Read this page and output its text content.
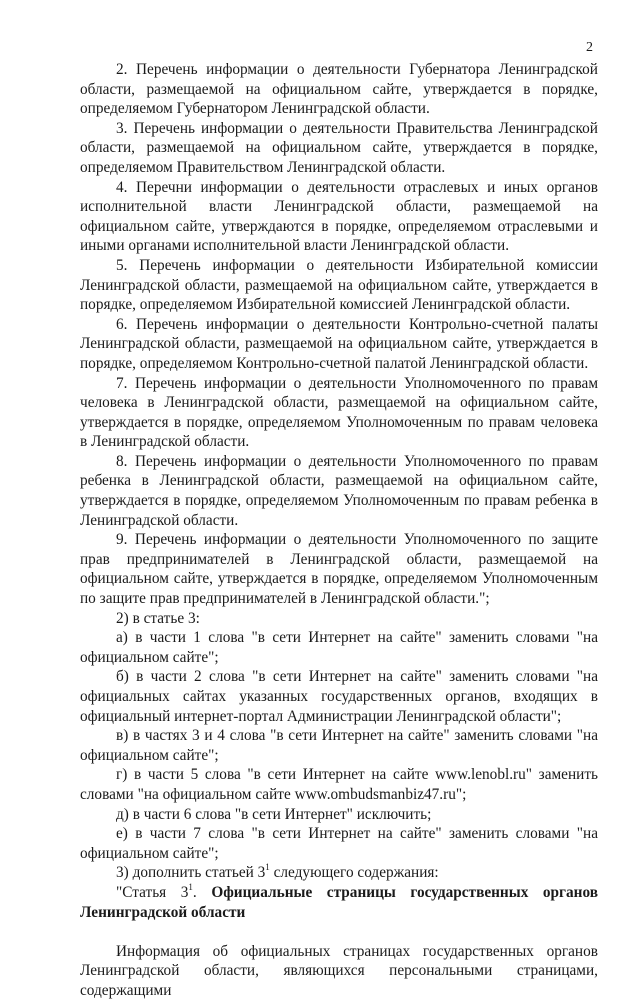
2

2. Перечень информации о деятельности Губернатора Ленинградской области, размещаемой на официальном сайте, утверждается в порядке, определяемом Губернатором Ленинградской области.

3. Перечень информации о деятельности Правительства Ленинградской области, размещаемой на официальном сайте, утверждается в порядке, определяемом Правительством Ленинградской области.

4. Перечни информации о деятельности отраслевых и иных органов исполнительной власти Ленинградской области, размещаемой на официальном сайте, утверждаются в порядке, определяемом отраслевыми и иными органами исполнительной власти Ленинградской области.

5. Перечень информации о деятельности Избирательной комиссии Ленинградской области, размещаемой на официальном сайте, утверждается в порядке, определяемом Избирательной комиссией Ленинградской области.

6. Перечень информации о деятельности Контрольно-счетной палаты Ленинградской области, размещаемой на официальном сайте, утверждается в порядке, определяемом Контрольно-счетной палатой Ленинградской области.

7. Перечень информации о деятельности Уполномоченного по правам человека в Ленинградской области, размещаемой на официальном сайте, утверждается в порядке, определяемом Уполномоченным по правам человека в Ленинградской области.

8. Перечень информации о деятельности Уполномоченного по правам ребенка в Ленинградской области, размещаемой на официальном сайте, утверждается в порядке, определяемом Уполномоченным по правам ребенка в Ленинградской области.

9. Перечень информации о деятельности Уполномоченного по защите прав предпринимателей в Ленинградской области, размещаемой на официальном сайте, утверждается в порядке, определяемом Уполномоченным по защите прав предпринимателей в Ленинградской области.";

2) в статье 3:

а) в части 1 слова "в сети Интернет на сайте" заменить словами "на официальном сайте";

б) в части 2 слова "в сети Интернет на сайте" заменить словами "на официальных сайтах указанных государственных органов, входящих в официальный интернет-портал Администрации Ленинградской области";

в) в частях 3 и 4 слова "в сети Интернет на сайте" заменить словами "на официальном сайте";

г) в части 5 слова "в сети Интернет на сайте www.lenobl.ru" заменить словами "на официальном сайте www.ombudsmanbiz47.ru";

д) в части 6 слова "в сети Интернет" исключить;

е) в части 7 слова "в сети Интернет на сайте" заменить словами "на официальном сайте";

3) дополнить статьей $3^1$ следующего содержания:

"Статья $3^1$. Официальные страницы государственных органов Ленинградской области

Информация об официальных страницах государственных органов Ленинградской области, являющихся персональными страницами, содержащими
